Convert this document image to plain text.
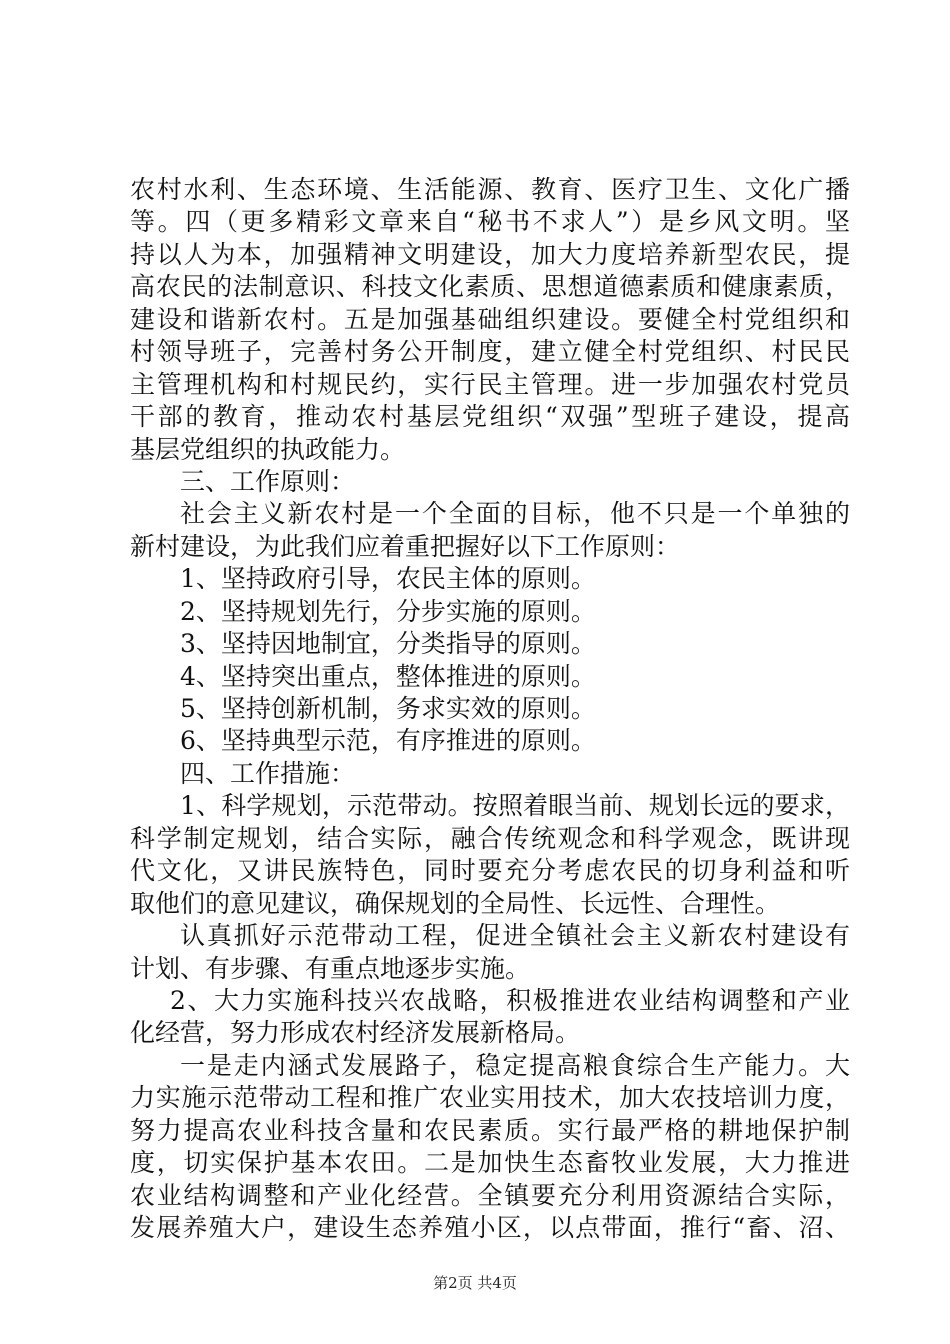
农村水利、生态环境、生活能源、教育、医疗卫生、文化广播
等。四（更多精彩文章来自“秘书不求人”）是乡风文明。坚
持以人为本，加强精神文明建设，加大力度培养新型农民，提
高农民的法制意识、科技文化素质、思想道德素质和健康素质，
建设和谐新农村。五是加强基础组织建设。要健全村党组织和
村领导班子，完善村务公开制度，建立健全村党组织、村民民
主管理机构和村规民约，实行民主管理。进一步加强农村党员
干部的教育，推动农村基层党组织“双强”型班子建设，提高
基层党组织的执政能力。
三、工作原则：
社会主义新农村是一个全面的目标，他不只是一个单独的
新村建设，为此我们应着重把握好以下工作原则：
1、坚持政府引导，农民主体的原则。
2、坚持规划先行，分步实施的原则。
3、坚持因地制宜，分类指导的原则。
4、坚持突出重点，整体推进的原则。
5、坚持创新机制，务求实效的原则。
6、坚持典型示范，有序推进的原则。
四、工作措施：
1、科学规划，示范带动。按照着眼当前、规划长远的要求，
科学制定规划，结合实际，融合传统观念和科学观念，既讲现
代文化，又讲民族特色，同时要充分考虑农民的切身利益和听
取他们的意见建议，确保规划的全局性、长远性、合理性。
认真抓好示范带动工程，促进全镇社会主义新农村建设有
计划、有步骤、有重点地逐步实施。
2、大力实施科技兴农战略，积极推进农业结构调整和产业
化经营，努力形成农村经济发展新格局。
一是走内涵式发展路子，稳定提高粮食综合生产能力。大
力实施示范带动工程和推广农业实用技术，加大农技培训力度，
努力提高农业科技含量和农民素质。实行最严格的耕地保护制
度，切实保护基本农田。二是加快生态畜牧业发展，大力推进
农业结构调整和产业化经营。全镇要充分利用资源结合实际，
发展养殖大户，建设生态养殖小区，以点带面，推行“畜、沼、
第2页 共4页
